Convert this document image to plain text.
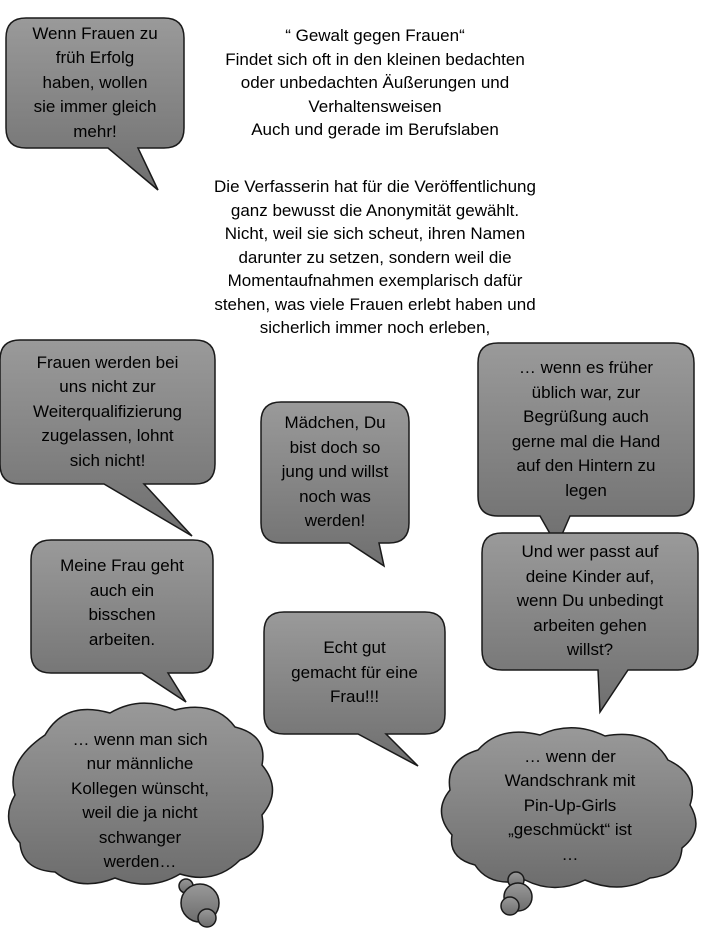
“ Gewalt gegen Frauen“
Findet sich oft in den kleinen bedachten
oder unbedachten Äußerungen und
Verhaltensweisen
Auch und gerade im Berufslaben
Die Verfasserin hat für die Veröffentlichung
ganz bewusst die Anonymität gewählt.
Nicht, weil sie sich scheut, ihren Namen
darunter zu setzen, sondern weil die
Momentaufnahmen exemplarisch dafür
stehen, was viele Frauen erlebt haben und
sicherlich immer noch erleben,
Wenn Frauen zu
früh Erfolg
haben, wollen
sie immer gleich
mehr!
Frauen werden bei
uns nicht zur
Weiterqualifizierung
zugelassen, lohnt
sich nicht!
Mädchen, Du
bist doch so
jung und willst
noch was
werden!
… wenn es früher
üblich war, zur
Begrüßung auch
gerne mal die Hand
auf den Hintern zu
legen
Und wer passt auf
deine Kinder auf,
wenn Du unbedingt
arbeiten gehen
willst?
Meine Frau geht
auch ein
bisschen
arbeiten.	Echt gut
gemacht für eine
Frau!!!
… wenn man sich
nur männliche
Kollegen wünscht,
weil die ja nicht
schwanger
werden…
… wenn der
Wandschrank mit
Pin-Up-Girls
„geschmückt“ ist
…
